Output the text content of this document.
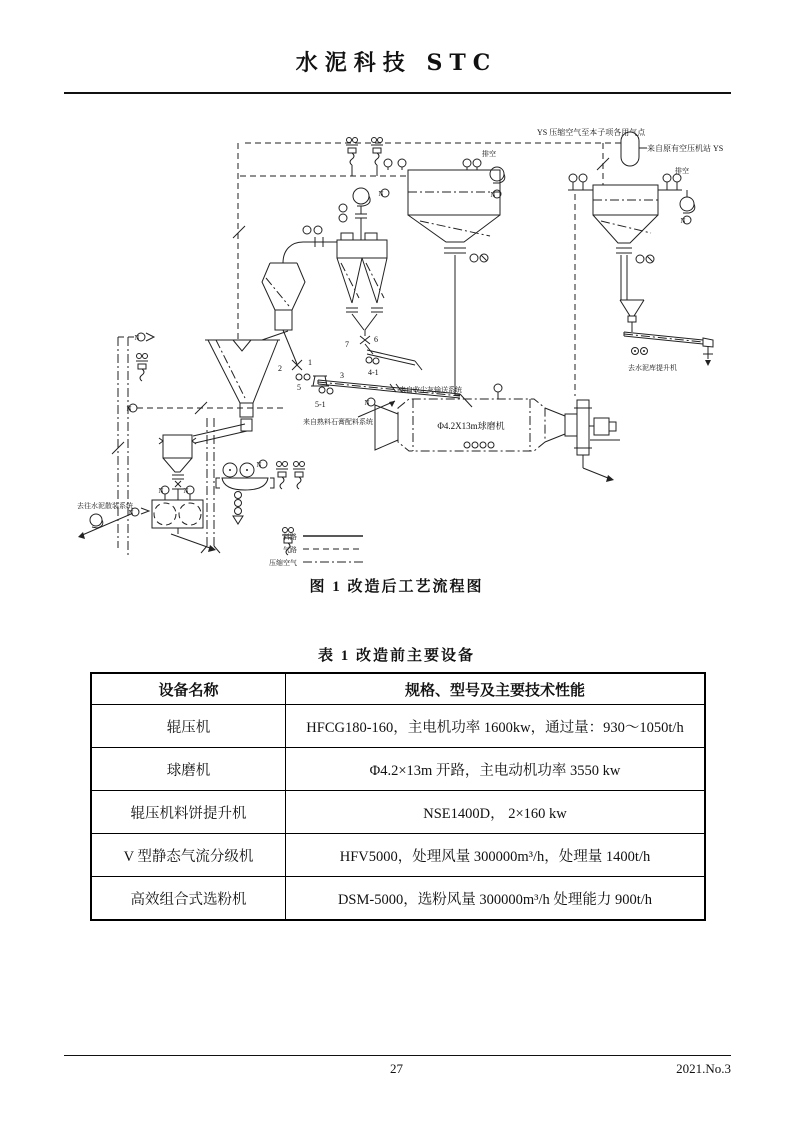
水泥科技 STC
YS 压缩空气至本子项各用气点
来自原有空压机站 YS
N
排空
N
排空
去水泥库提升机
N
7
6
2
1
5
3
5-1
4-1
来自收尘灰输送系统
来自熟料石膏配料系统
N
Φ4.2X13m球磨机
N	N
N
N
N
去往水泥散装系统
N
料路
气路
压缩空气
图 1 改造后工艺流程图
表 1 改造前主要设备
设备名称	规格、型号及主要技术性能
辊压机	HFCG180-160，主电机功率 1600kw，通过量：930～1050t/h
球磨机	Φ4.2×13m 开路，主电动机功率 3550 kw
辊压机料饼提升机	NSE1400D， 2×160 kw
V 型静态气流分级机	HFV5000，处理风量 300000m³/h，处理量 1400t/h
高效组合式选粉机	DSM-5000，选粉风量 300000m³/h 处理能力 900t/h
27	2021.No.3
